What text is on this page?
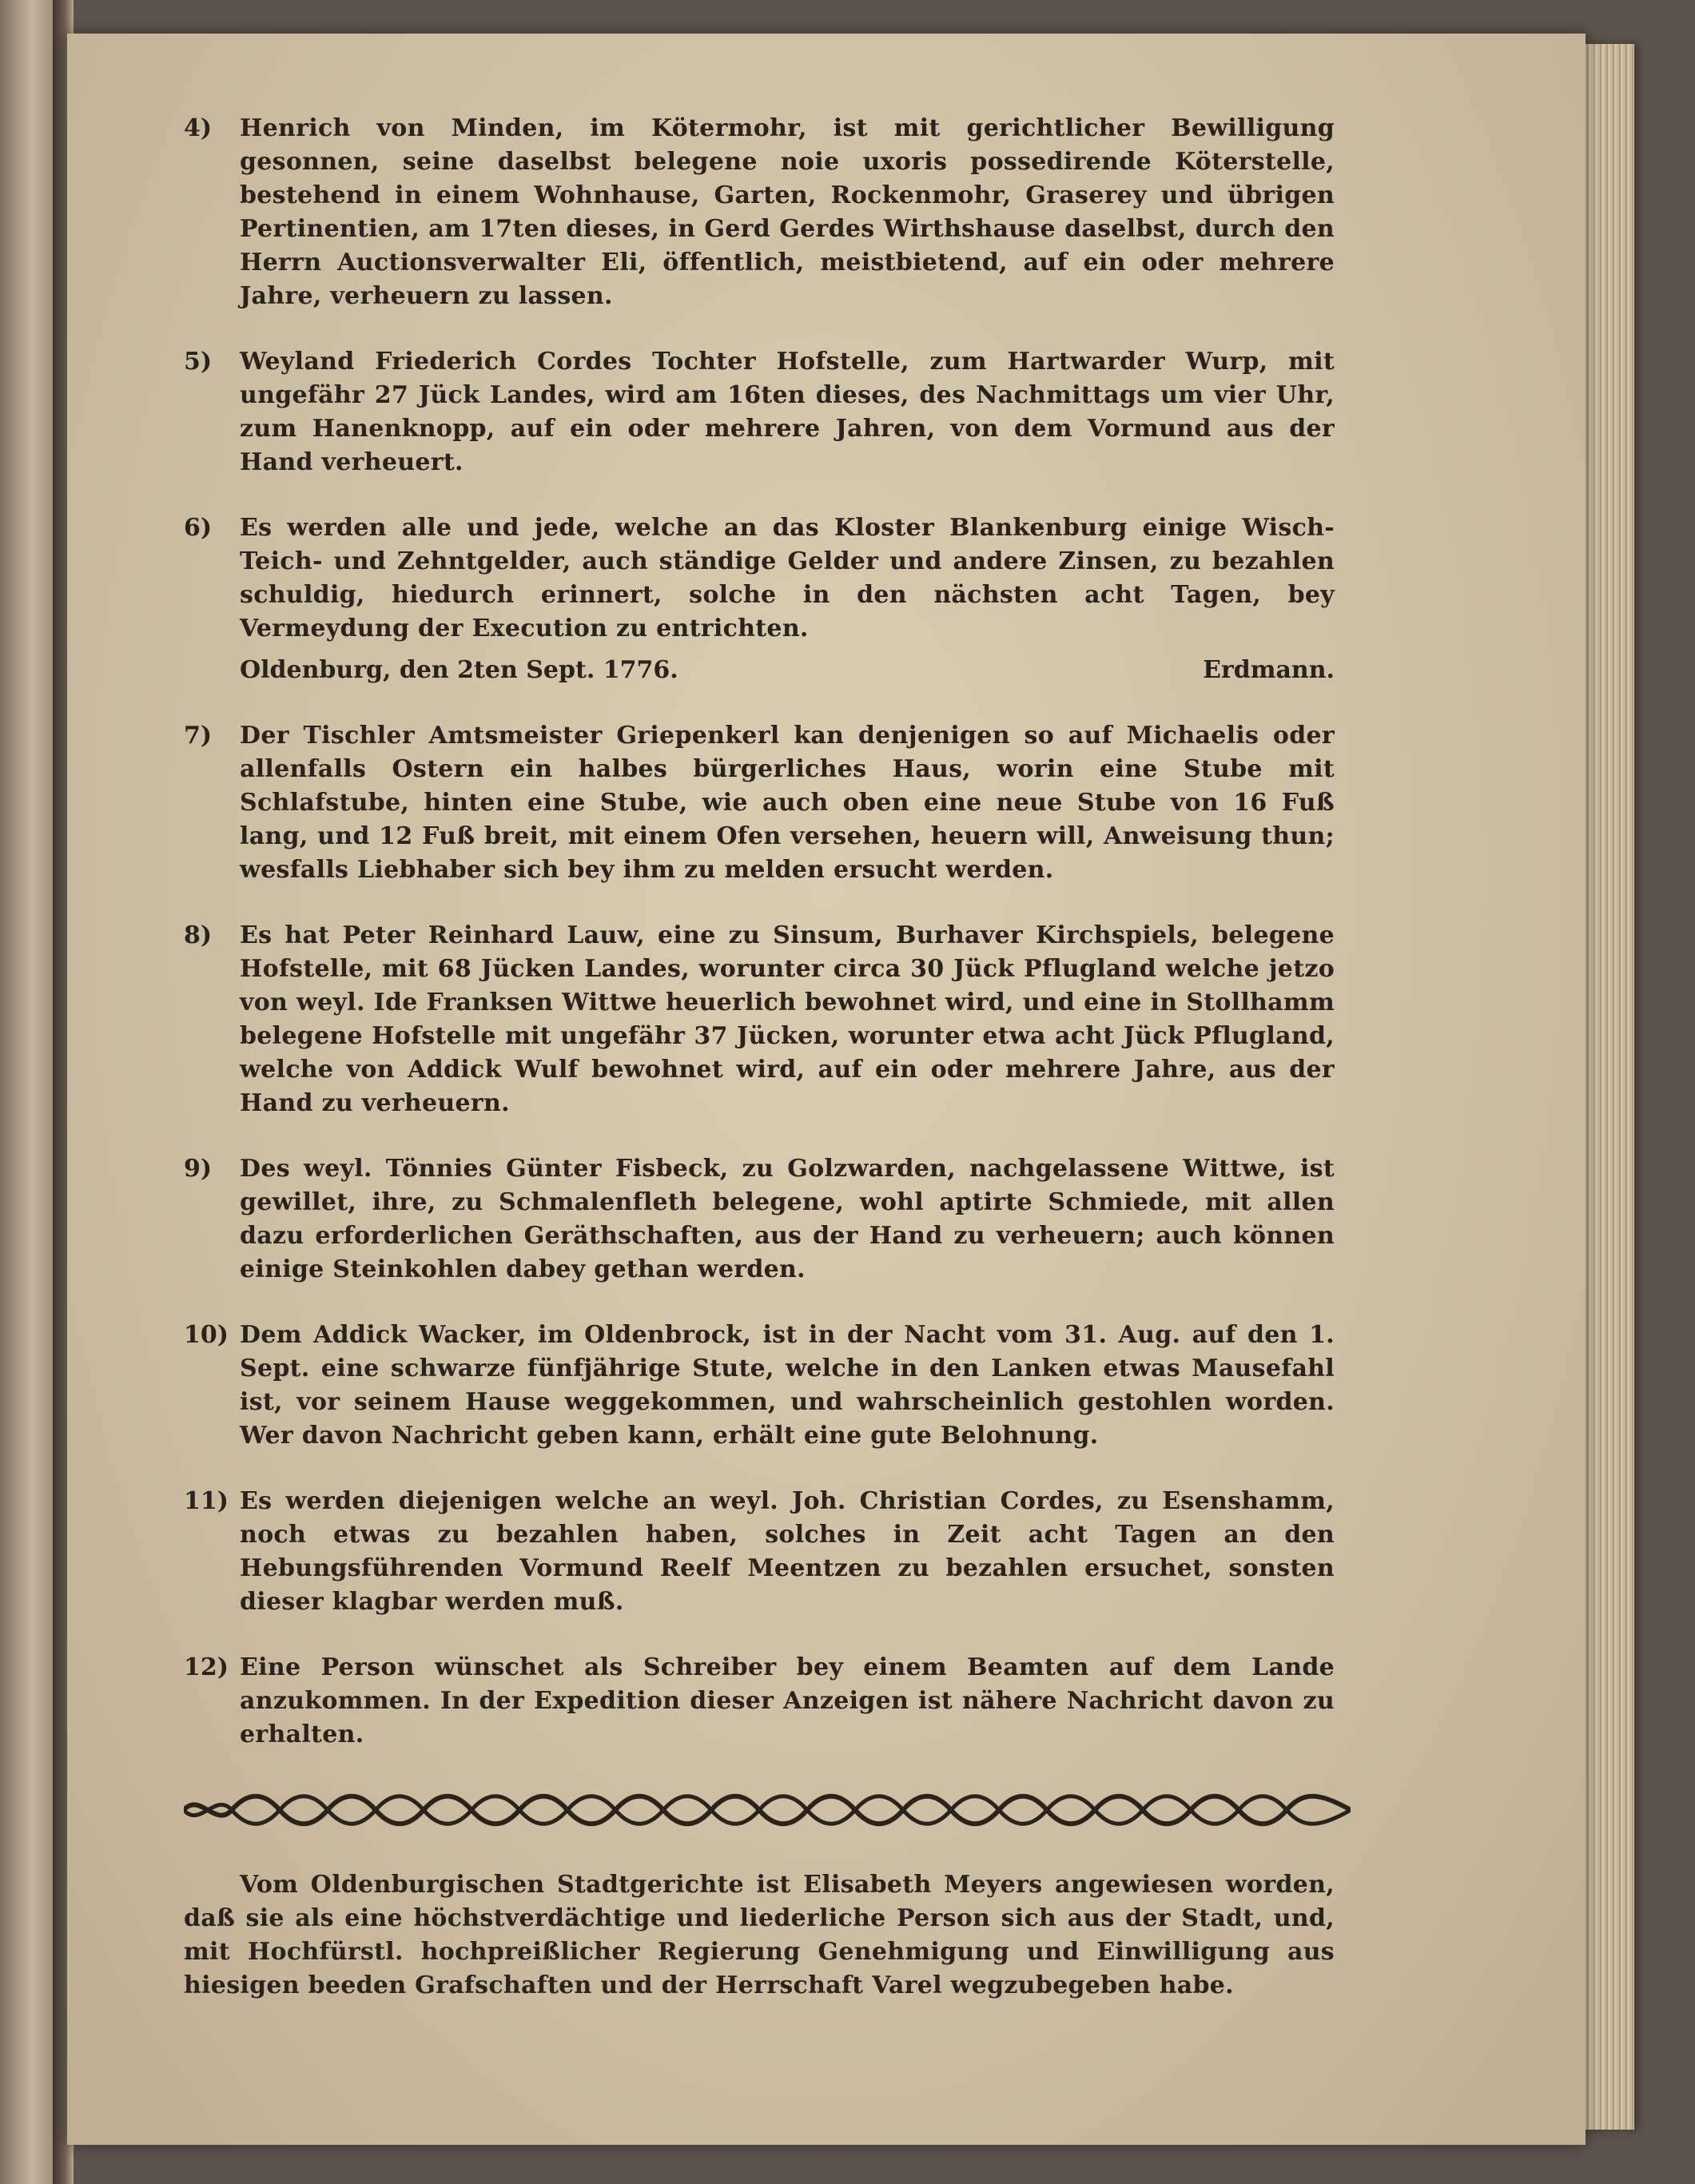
4)	Henrich von Minden, im Kötermohr, ist mit gerichtlicher Bewilligung gesonnen, seine daselbst belegene noie uxoris possedirende Köterstelle, bestehend in einem Wohnhause, Garten, Rockenmohr, Graserey und übrigen Pertinentien, am 17ten dieses, in Gerd Gerdes Wirthshause daselbst, durch den Herrn Auctionsverwalter Eli, öffentlich, meistbietend, auf ein oder mehrere Jahre, verheuern zu lassen.
5)	Weyland Friederich Cordes Tochter Hofstelle, zum Hartwarder Wurp, mit ungefähr 27 Jück Landes, wird am 16ten dieses, des Nachmittags um vier Uhr, zum Hanenknopp, auf ein oder mehrere Jahren, von dem Vormund aus der Hand verheuert.
6)	Es werden alle und jede, welche an das Kloster Blankenburg einige Wisch- Teich- und Zehntgelder, auch ständige Gelder und andere Zinsen, zu bezahlen schuldig, hiedurch erinnert, solche in den nächsten acht Tagen, bey Vermeydung der Execution zu entrichten.
Oldenburg, den 2ten Sept. 1776.	Erdmann.
7)	Der Tischler Amtsmeister Griepenkerl kan denjenigen so auf Michaelis oder allenfalls Ostern ein halbes bürgerliches Haus, worin eine Stube mit Schlafstube, hinten eine Stube, wie auch oben eine neue Stube von 16 Fuß lang, und 12 Fuß breit, mit einem Ofen versehen, heuern will, Anweisung thun; wesfalls Liebhaber sich bey ihm zu melden ersucht werden.
8)	Es hat Peter Reinhard Lauw, eine zu Sinsum, Burhaver Kirchspiels, belegene Hofstelle, mit 68 Jücken Landes, worunter circa 30 Jück Pflugland welche jetzo von weyl. Ide Franksen Wittwe heuerlich bewohnet wird, und eine in Stollhamm belegene Hofstelle mit ungefähr 37 Jücken, worunter etwa acht Jück Pflugland, welche von Addick Wulf bewohnet wird, auf ein oder mehrere Jahre, aus der Hand zu verheuern.
9)	Des weyl. Tönnies Günter Fisbeck, zu Golzwarden, nachgelassene Wittwe, ist gewillet, ihre, zu Schmalenfleth belegene, wohl aptirte Schmiede, mit allen dazu erforderlichen Geräthschaften, aus der Hand zu verheuern; auch können einige Steinkohlen dabey gethan werden.
10) Dem Addick Wacker, im Oldenbrock, ist in der Nacht vom 31. Aug. auf den 1. Sept. eine schwarze fünfjährige Stute, welche in den Lanken etwas Mausefahl ist, vor seinem Hause weggekommen, und wahrscheinlich gestohlen worden. Wer davon Nachricht geben kann, erhält eine gute Belohnung.
11) Es werden diejenigen welche an weyl. Joh. Christian Cordes, zu Esenshamm, noch etwas zu bezahlen haben, solches in Zeit acht Tagen an den Hebungsführenden Vormund Reelf Meentzen zu bezahlen ersuchet, sonsten dieser klagbar werden muß.
12) Eine Person wünschet als Schreiber bey einem Beamten auf dem Lande anzukommen. In der Expedition dieser Anzeigen ist nähere Nachricht davon zu erhalten.
Vom Oldenburgischen Stadtgerichte ist Elisabeth Meyers angewiesen worden, daß sie als eine höchstverdächtige und liederliche Person sich aus der Stadt, und, mit Hochfürstl. hochpreißlicher Regierung Genehmigung und Einwilligung aus hiesigen beeden Grafschaften und der Herrschaft Varel wegzubegeben habe.
